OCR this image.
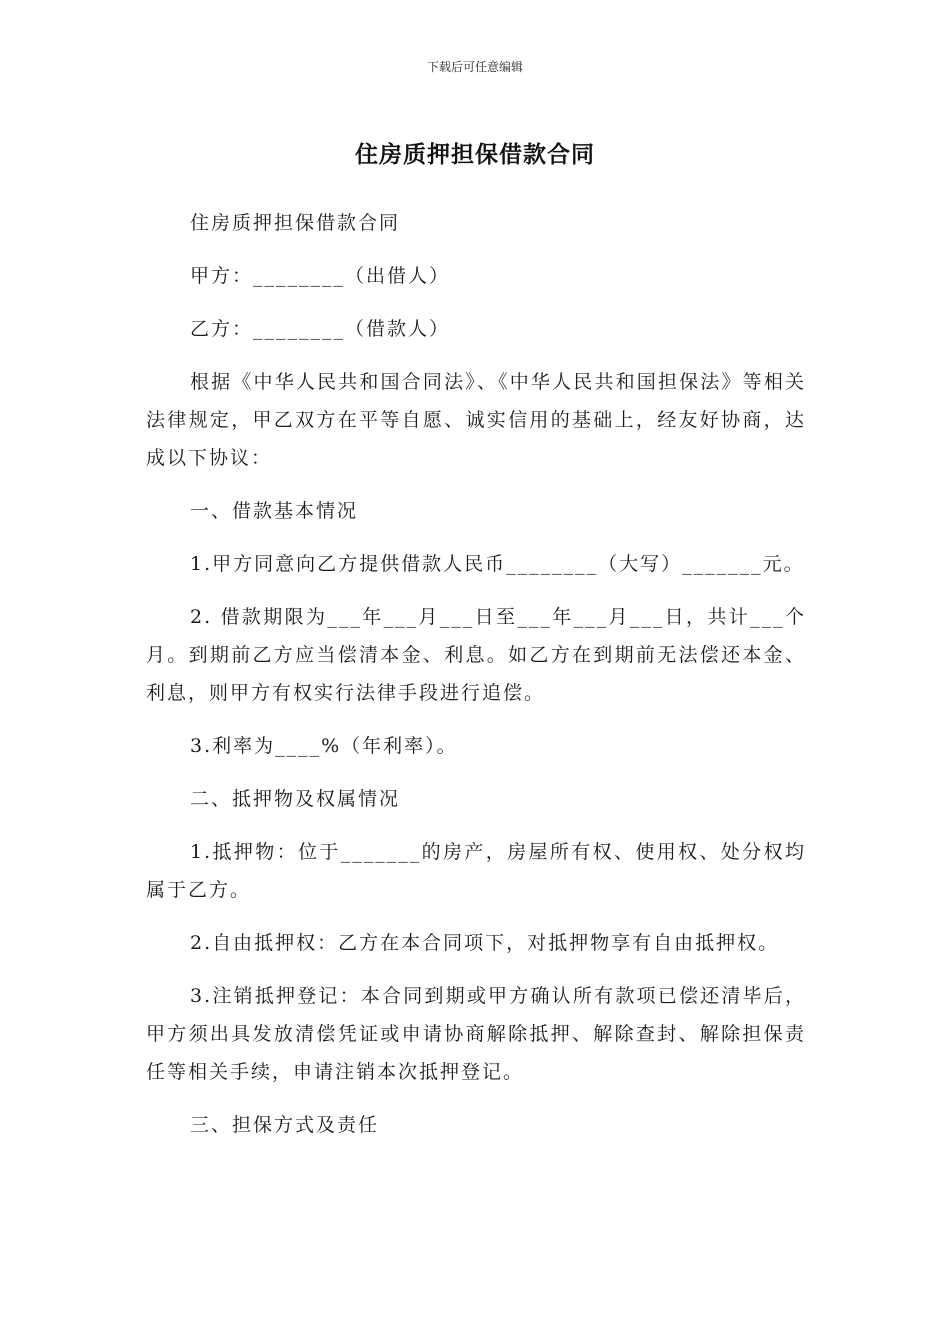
下载后可任意编辑
住房质押担保借款合同

住房质押担保借款合同

甲方：________（出借人）

乙方：________（借款人）

根据《中华人民共和国合同法》、《中华人民共和国担保法》等相关法律规定，甲乙双方在平等自愿、诚实信用的基础上，经友好协商，达成以下协议：

一、借款基本情况

1.甲方同意向乙方提供借款人民币________（大写）_______元。

2. 借款期限为___年___月___日至___年___月___日，共计___个月。到期前乙方应当偿清本金、利息。如乙方在到期前无法偿还本金、利息，则甲方有权实行法律手段进行追偿。

3.利率为____%（年利率）。

二、抵押物及权属情况

1.抵押物：位于_______的房产，房屋所有权、使用权、处分权均属于乙方。

2.自由抵押权：乙方在本合同项下，对抵押物享有自由抵押权。

3.注销抵押登记：本合同到期或甲方确认所有款项已偿还清毕后，甲方须出具发放清偿凭证或申请协商解除抵押、解除查封、解除担保责任等相关手续，申请注销本次抵押登记。

三、担保方式及责任
